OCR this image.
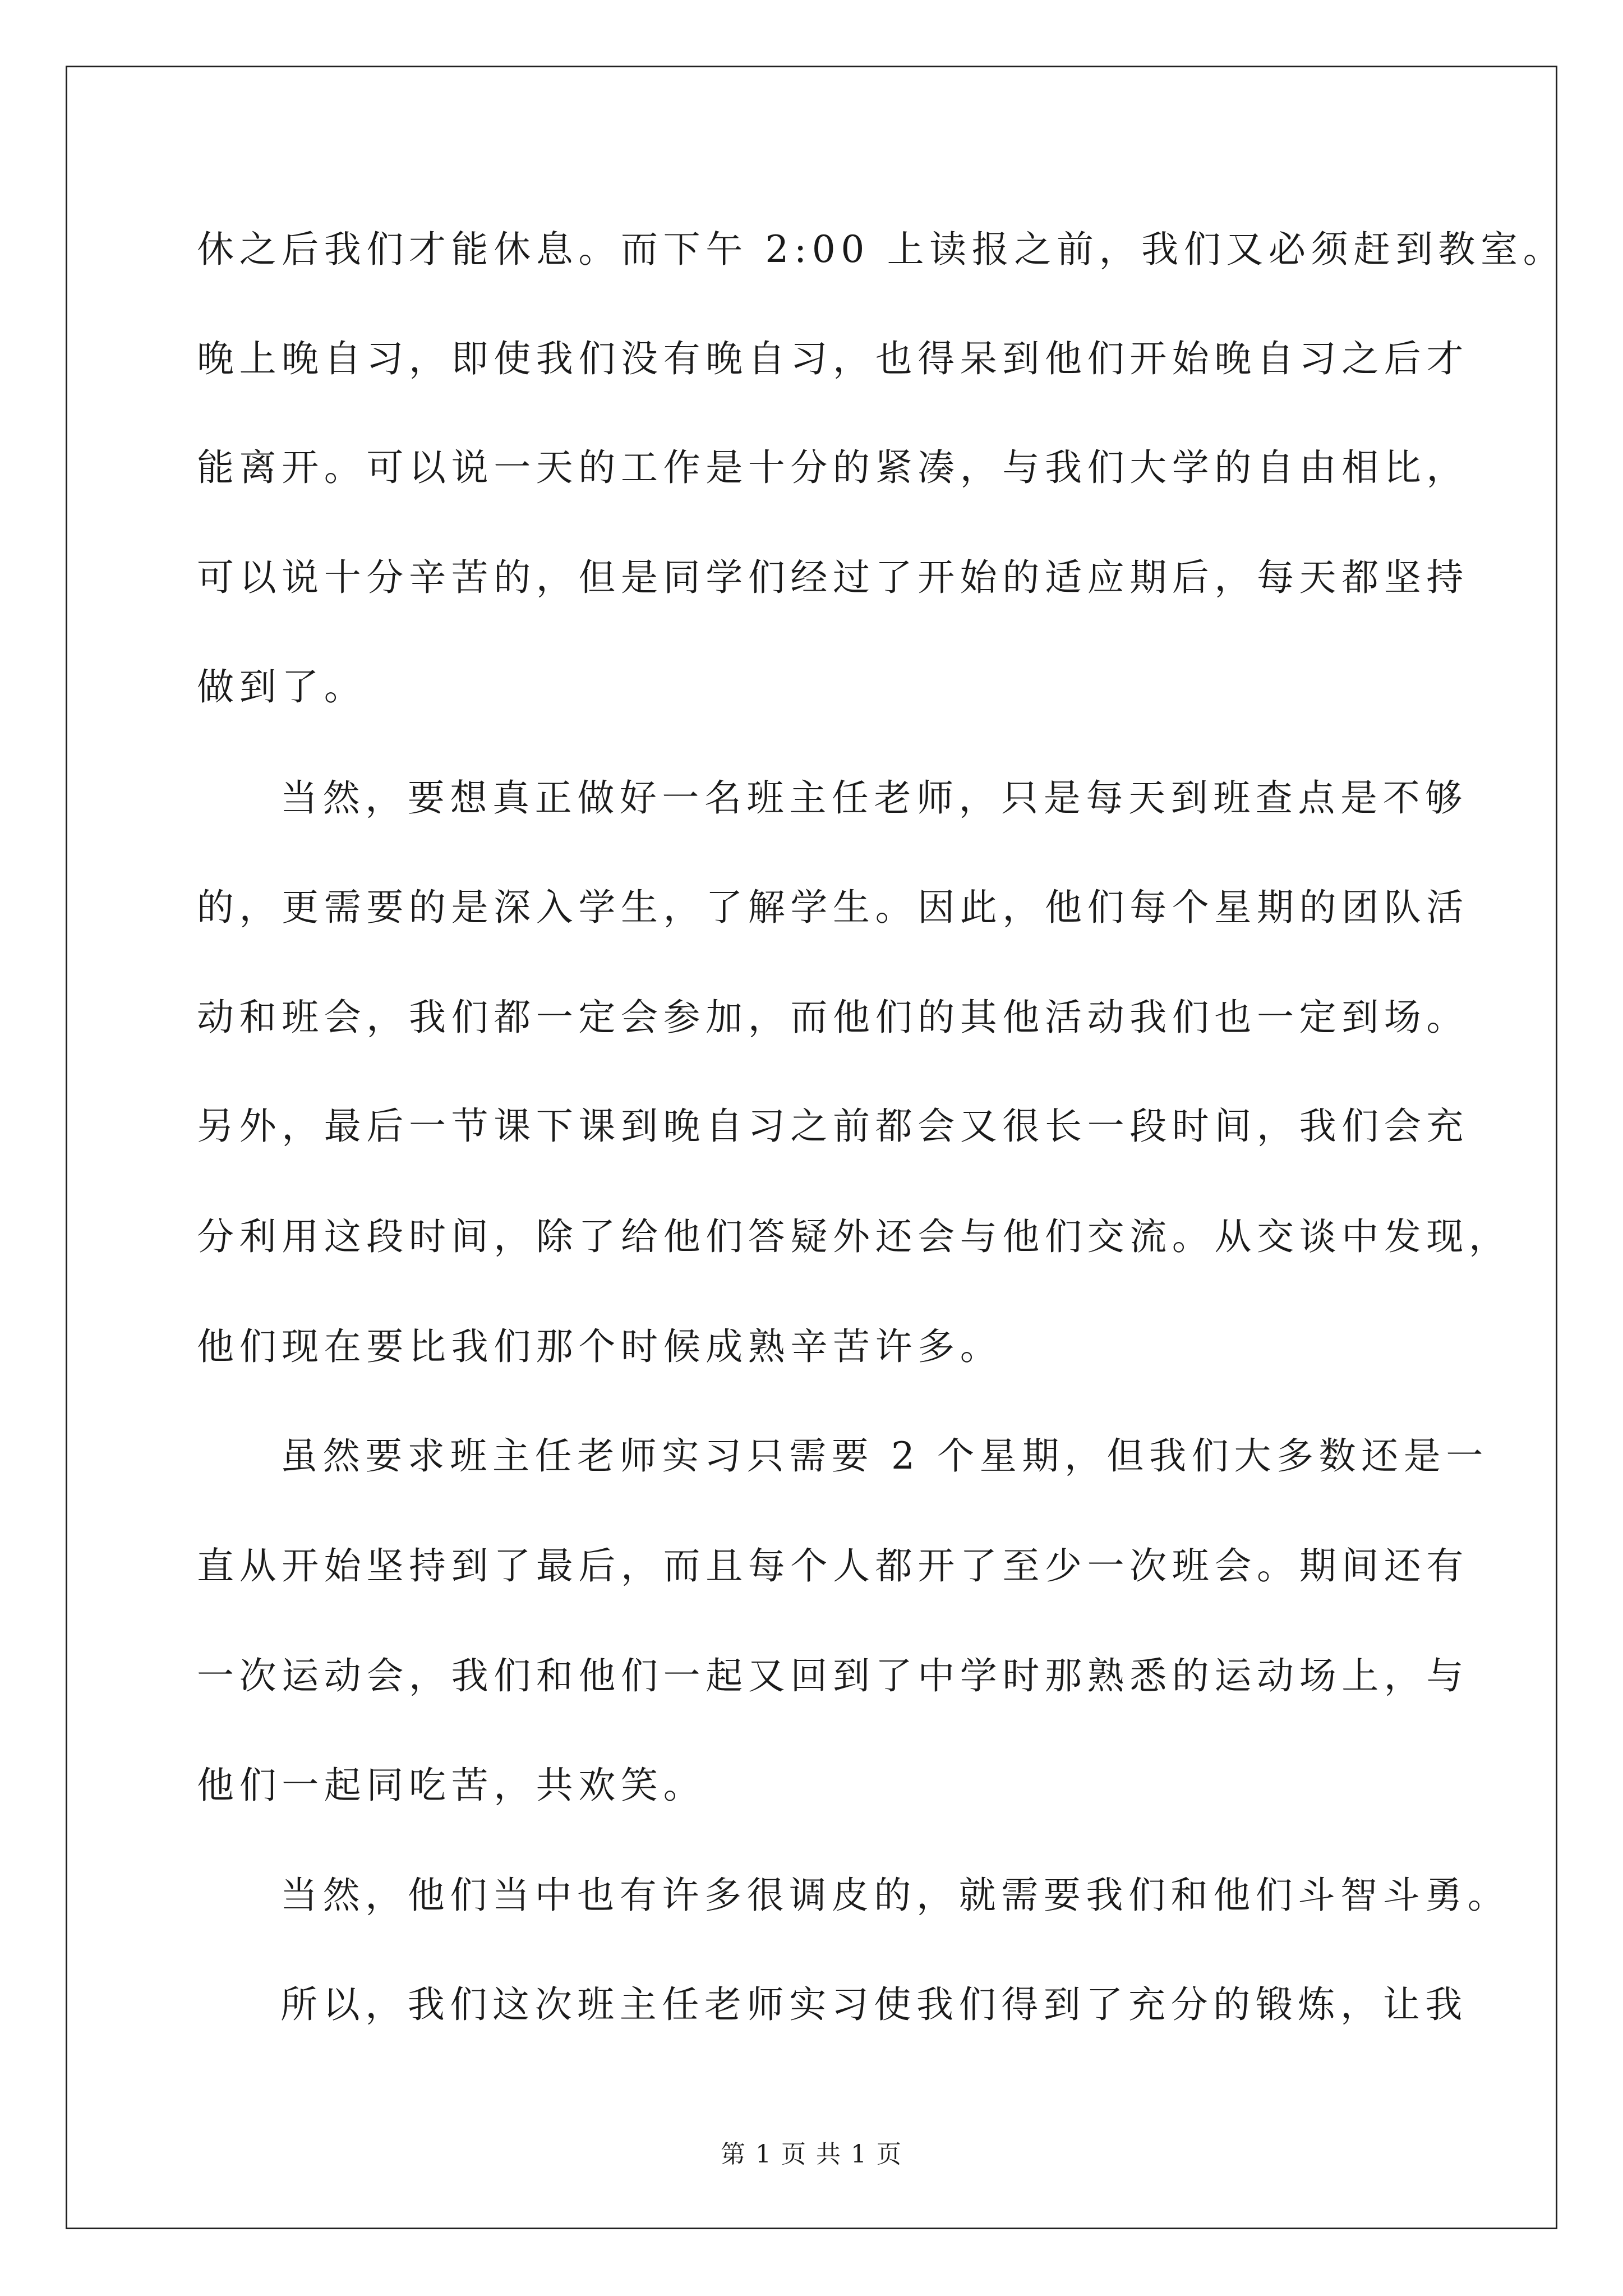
休之后我们才能休息。而下午 2:00 上读报之前，我们又必须赶到教室。
晚上晚自习，即使我们没有晚自习，也得呆到他们开始晚自习之后才
能离开。可以说一天的工作是十分的紧凑，与我们大学的自由相比，
可以说十分辛苦的，但是同学们经过了开始的适应期后，每天都坚持
做到了。
当然，要想真正做好一名班主任老师，只是每天到班查点是不够
的，更需要的是深入学生，了解学生。因此，他们每个星期的团队活
动和班会，我们都一定会参加，而他们的其他活动我们也一定到场。
另外，最后一节课下课到晚自习之前都会又很长一段时间，我们会充
分利用这段时间，除了给他们答疑外还会与他们交流。从交谈中发现，
他们现在要比我们那个时候成熟辛苦许多。
虽然要求班主任老师实习只需要 2 个星期，但我们大多数还是一
直从开始坚持到了最后，而且每个人都开了至少一次班会。期间还有
一次运动会，我们和他们一起又回到了中学时那熟悉的运动场上，与
他们一起同吃苦，共欢笑。
当然，他们当中也有许多很调皮的，就需要我们和他们斗智斗勇。
所以，我们这次班主任老师实习使我们得到了充分的锻炼，让我
第 1 页 共 1 页
